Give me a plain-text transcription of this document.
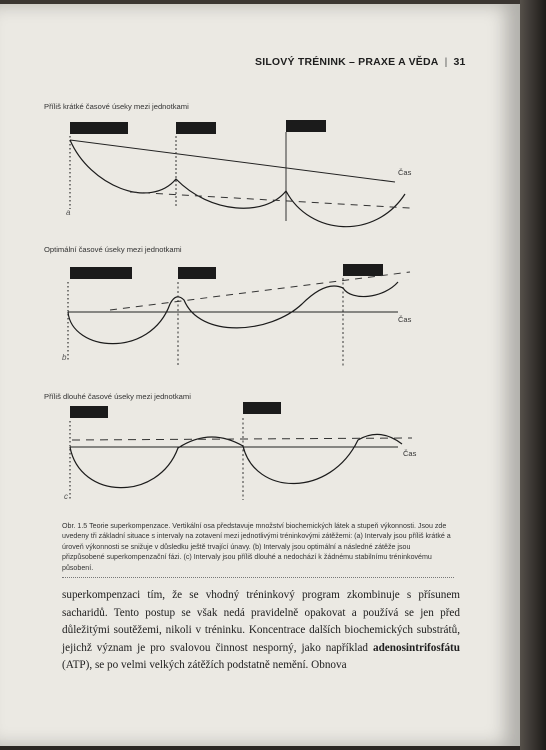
SILOVÝ TRÉNINK – PRAXE A VĚDA | 31
Příliš krátké časové úseky mezi jednotkami
Optimální časové úseky mezi jednotkami
Příliš dlouhé časové úseky mezi jednotkami
a
b
c
Čas
Čas
Čas
Obr. 1.5 Teorie superkompenzace. Vertikální osa představuje množství biochemických látek a stupeň výkonnosti. Jsou zde uvedeny tři základní situace s intervaly na zotavení mezi jednotlivými tréninkovými zátěžemi: (a) Intervaly jsou příliš krátké a úroveň výkonnosti se snižuje v důsledku ještě trvající únavy. (b) Intervaly jsou optimální a následné zátěže jsou přizpůsobené superkompenzační fázi. (c) Intervaly jsou příliš dlouhé a nedochází k žádnému stabilnímu tréninkovému působení.
superkompenzaci tím, že se vhodný tréninkový program zkombinuje s přísunem sacharidů. Tento postup se však nedá pravidelně opakovat a používá se jen před důležitými soutěžemi, nikoli v tréninku. Koncentrace dalších biochemických substrátů, jejichž význam je pro svalovou činnost nesporný, jako například adenosintrifosfátu (ATP), se po velmi velkých zátěžích podstatně nemění. Obnova
